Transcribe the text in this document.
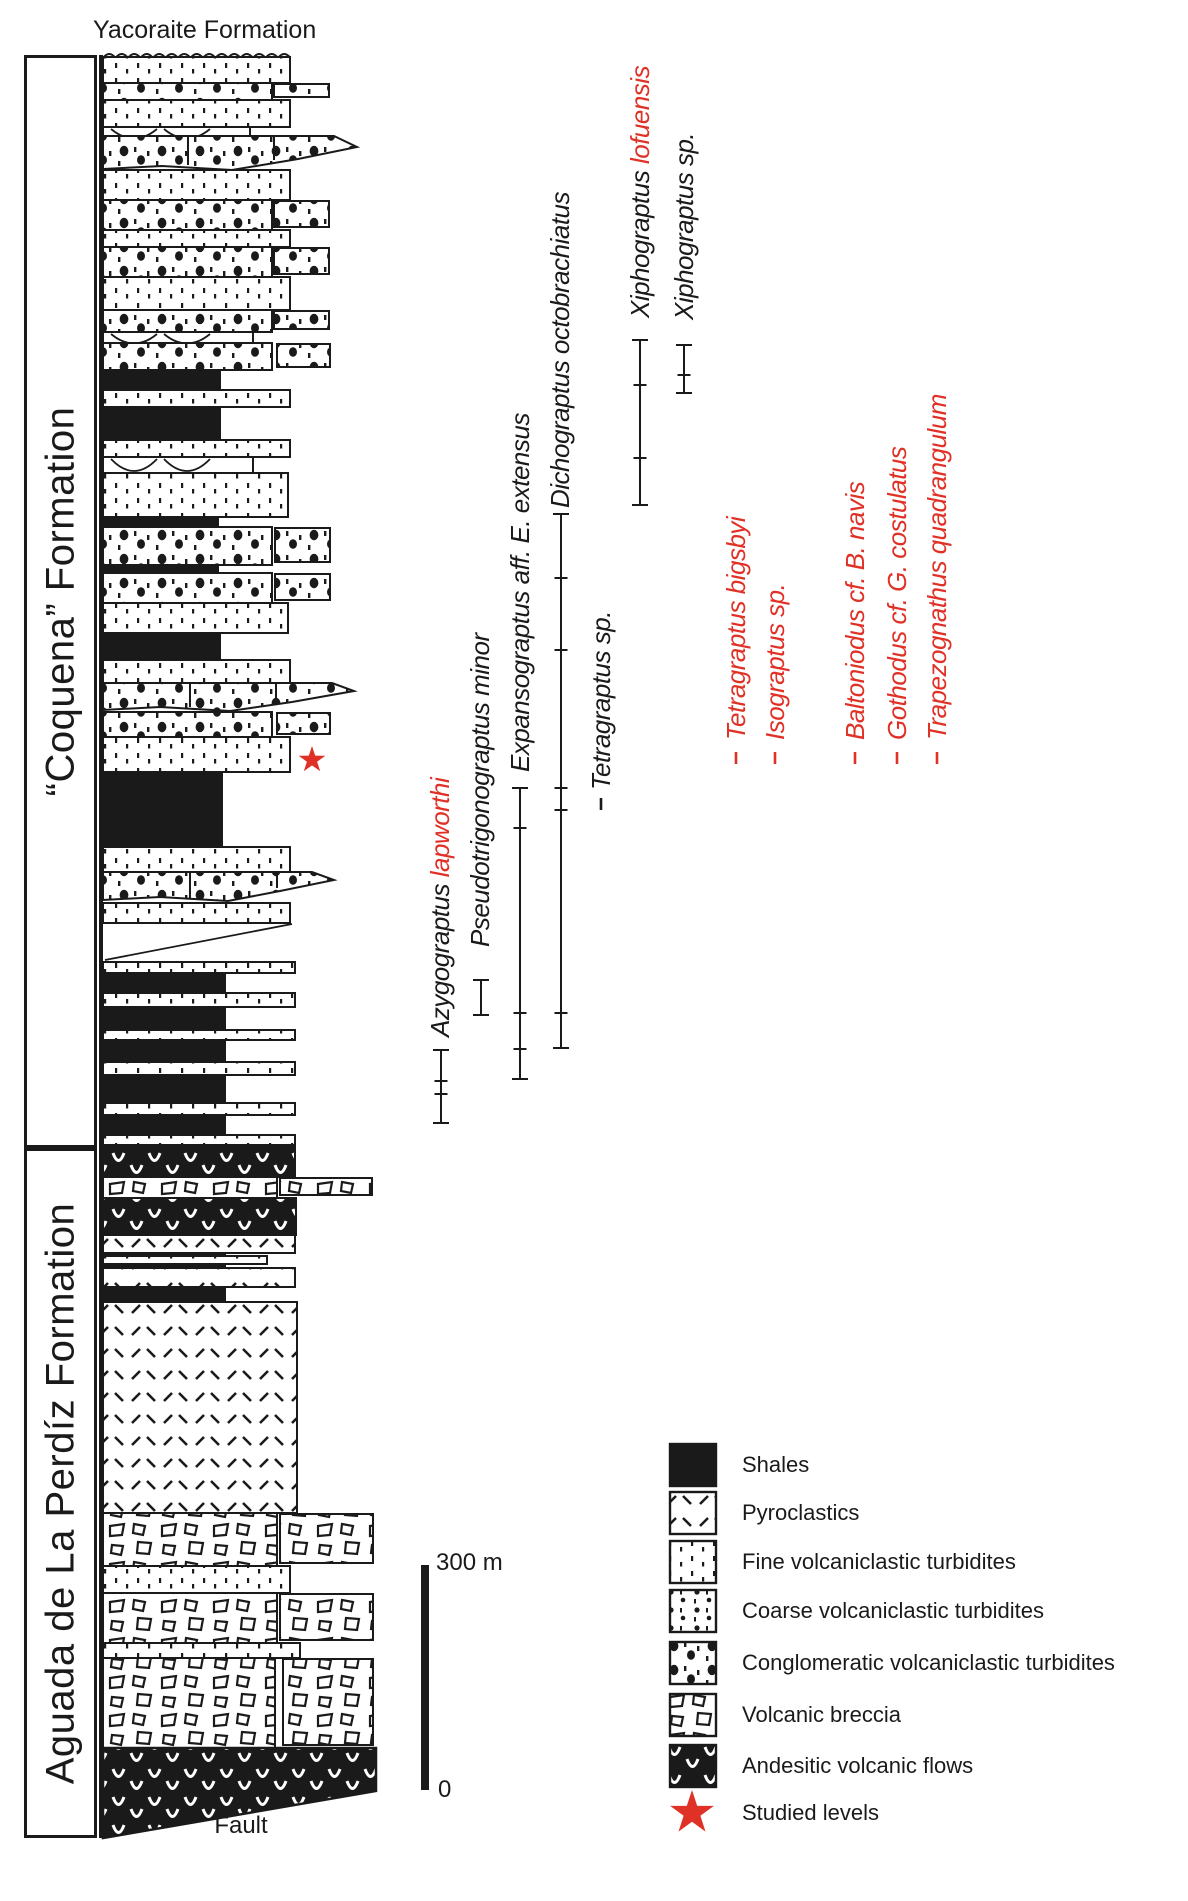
“Coquena” Formation
Aguada de La Perdíz Formation
Yacoraite Formation
Fault
300 m
0
Azygograptus lapworthi Pseudotrigonograptus minor
Expansograptus aff. E. extensus
Dichograptus octobrachiatus
Tetragraptus sp.
Xiphograptus lofuensis
Xiphograptus sp.
Tetragraptus bigsbyi Isograptus sp. Baltoniodus cf. B. navis Gothodus cf. G. costulatus Trapezognathus quadrangulum
Shales
Pyroclastics
Fine volcaniclastic turbidites
Coarse volcaniclastic turbidites
Conglomeratic volcaniclastic turbidites
Volcanic breccia
Andesitic volcanic flows
Studied levels
